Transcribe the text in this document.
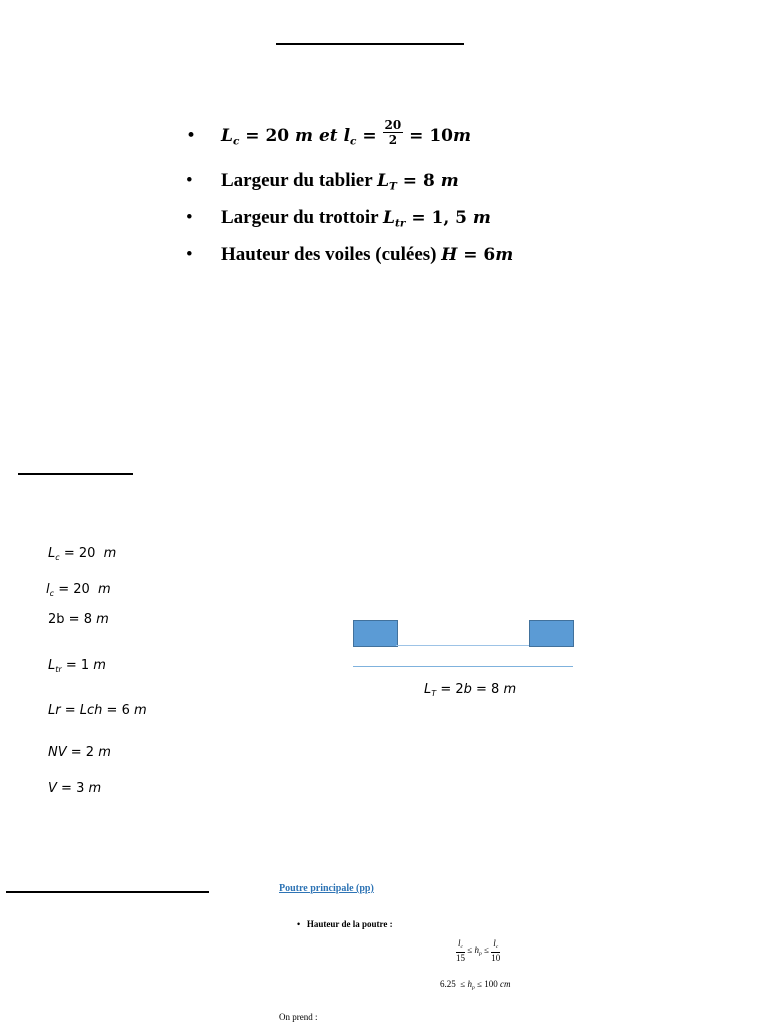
• $L_c = 20$ m et $l_c = \frac{20}{2} = 10m$
• Largeur du tablier $L_T = 8$ m
• Largeur du trottoir $L_{tr} = 1$, 5 m
• Hauteur des voiles (culées) H = 6m
$L_c = 20$ m
$l_c = 20$ m
2b = 8 m
$L_{tr} = 1$ m
Lr = Lch = 6 m
NV = 2 m
V = 3 m
$L_T = 2b = 8$ m
Poutre principale (pp)
• Hauteur de la poutre :
$\frac{l_c}{15} \le h_p \le \frac{l_c}{10}$
$6.25 \le h_p \le 100$ cm
On prend :
